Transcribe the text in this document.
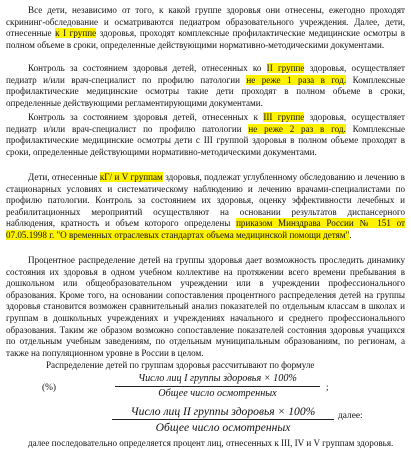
Все дети, независимо от того, к какой группе здоровья они отнесены, ежегодно проходят скрининг-обследование и осматриваются педиатром образовательного учреждения. Далее, дети, отнесенные к I группе здоровья, проходят комплексные профилактические медицинские осмотры в полном объеме в сроки, определенные действующими нормативно-методическими документами.

Контроль за состоянием здоровья детей, отнесенных ко II группе здоровья, осуществляет педиатр и/или врач-специалист по профилю патологии не реже 1 раза в год. Комплексные профилактические медицинские осмотры такие дети проходят в полном объеме в сроки, определенные действующими регламентирующими документами.

Контроль за состоянием здоровья детей, отнесенных к III группе здоровья, осуществляет педиатр и/или врач-специалист по профилю патологии не реже 2 раз в год. Комплексные профилактические медицинские осмотры дети с III группой здоровья в полном объеме проходят в сроки, определенные действующими нормативно-методическими документами.

Дети, отнесенные кГ/ и V группам здоровья, подлежат углубленному обследованию и лечению в стационарных условиях и систематическому наблюдению и лечению врачами-специалистами по профилю патологии. Контроль за состоянием их здоровья, оценку эффективности лечебных и реабилитационных мероприятий осуществляют на основании результатов диспансерного наблюдения, кратность и объем которого определены приказом Минздрава России № 151 от 07.05.1998 г. "О временных отраслевых стандартах объема медицинской помощи детям".

Процентное распределение детей на группы здоровья дает возможность проследить динамику состояния их здоровья в одном учебном коллективе на протяжении всего времени пребывания в дошкольном или общеобразовательном учреждении или в учреждении профессионального образования. Кроме того, на основании сопоставления процентного распределения детей на группы здоровья становится возможен сравнительный анализ показателей по отдельным классам в школах и группам в дошкольных учреждениях и учреждениях начального и среднего профессионального образования. Таким же образом возможно сопоставление показателей состояния здоровья учащихся по отдельным учебным заведениям, по отдельным муниципальным образованиям, по регионам, а также на популяционном уровне в России в целом.

Распределение детей по группам здоровья рассчитывают по формуле

(%)
Число лиц I группы здоровья × 100%
Общее число осмотренных	;
Число лиц II группы здоровья × 100%
Общее число осмотренных
далее:

далее последовательно определяется процент лиц, отнесенных к III, IV и V группам здоровья.
